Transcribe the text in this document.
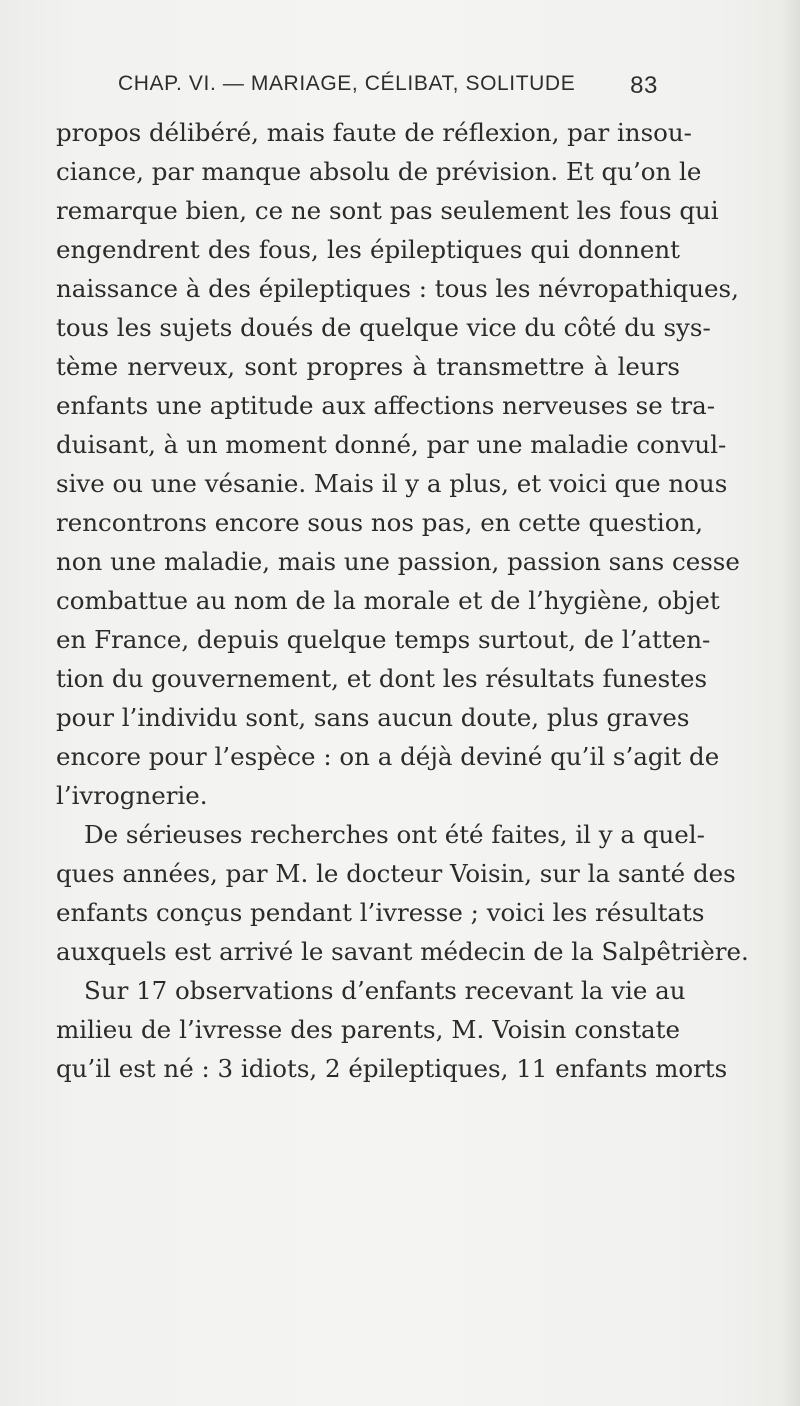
CHAP. VI. — MARIAGE, CÉLIBAT, SOLITUDE 83
propos délibéré, mais faute de réflexion, par insou-
ciance, par manque absolu de prévision. Et qu’on le
remarque bien, ce ne sont pas seulement les fous qui
engendrent des fous, les épileptiques qui donnent
naissance à des épileptiques : tous les névropathiques,
tous les sujets doués de quelque vice du côté du sys-
tème nerveux, sont propres à transmettre à leurs
enfants une aptitude aux affections nerveuses se tra-
duisant, à un moment donné, par une maladie convul-
sive ou une vésanie. Mais il y a plus, et voici que nous
rencontrons encore sous nos pas, en cette question,
non une maladie, mais une passion, passion sans cesse
combattue au nom de la morale et de l’hygiène, objet
en France, depuis quelque temps surtout, de l’atten-
tion du gouvernement, et dont les résultats funestes
pour l’individu sont, sans aucun doute, plus graves
encore pour l’espèce : on a déjà deviné qu’il s’agit de
l’ivrognerie.
De sérieuses recherches ont été faites, il y a quel-
ques années, par M. le docteur Voisin, sur la santé des
enfants conçus pendant l’ivresse ; voici les résultats
auxquels est arrivé le savant médecin de la Salpêtrière.
Sur 17 observations d’enfants recevant la vie au
milieu de l’ivresse des parents, M. Voisin constate
qu’il est né : 3 idiots, 2 épileptiques, 11 enfants morts
